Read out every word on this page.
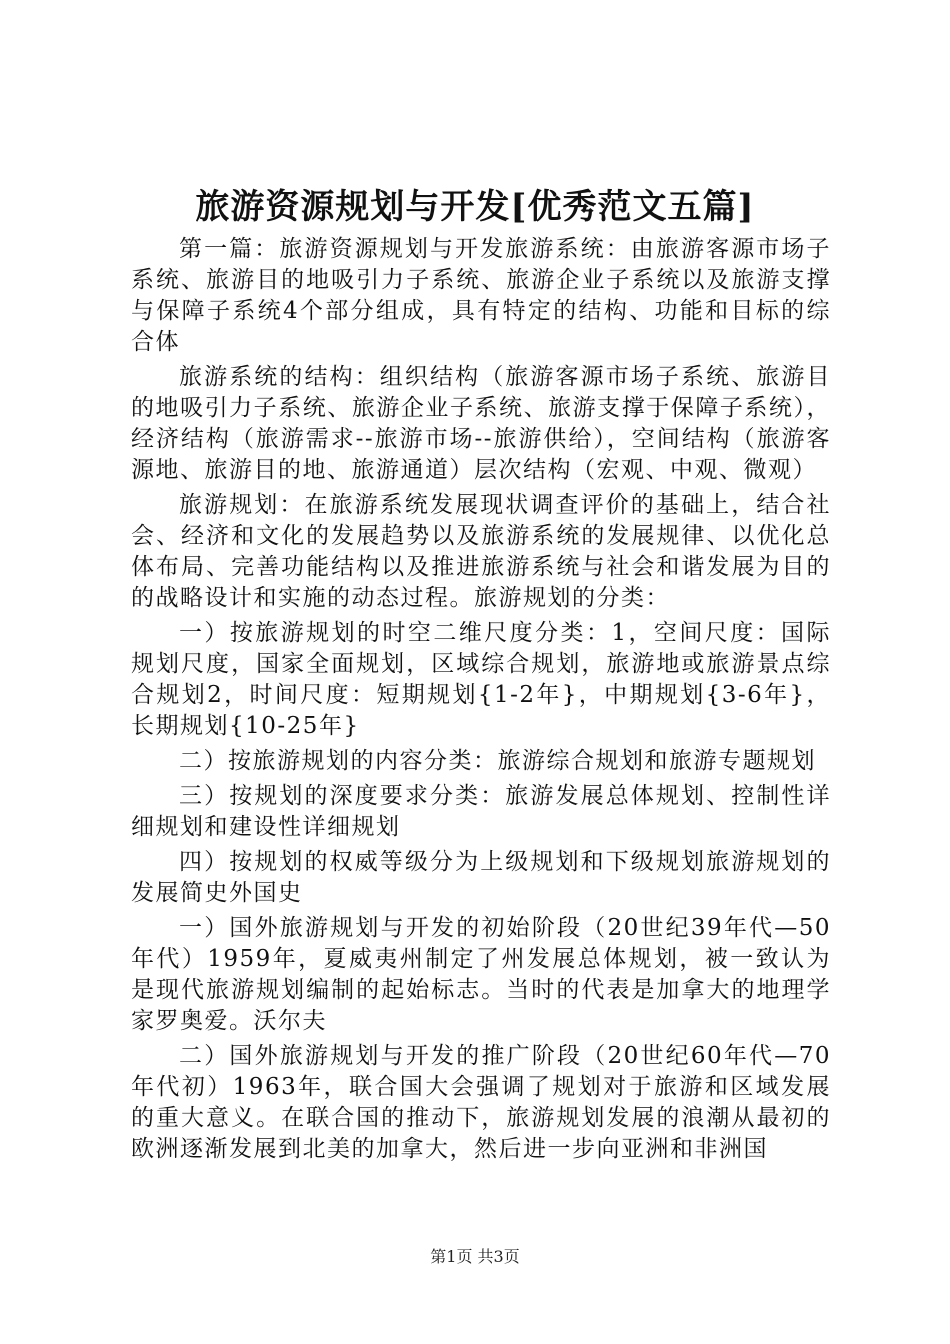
旅游资源规划与开发[优秀范文五篇]

第一篇：旅游资源规划与开发旅游系统：由旅游客源市场子系统、旅游目的地吸引力子系统、旅游企业子系统以及旅游支撑与保障子系统4个部分组成，具有特定的结构、功能和目标的综合体

旅游系统的结构：组织结构（旅游客源市场子系统、旅游目的地吸引力子系统、旅游企业子系统、旅游支撑于保障子系统），经济结构（旅游需求--旅游市场--旅游供给），空间结构（旅游客源地、旅游目的地、旅游通道）层次结构（宏观、中观、微观）

旅游规划：在旅游系统发展现状调查评价的基础上，结合社会、经济和文化的发展趋势以及旅游系统的发展规律、以优化总体布局、完善功能结构以及推进旅游系统与社会和谐发展为目的的战略设计和实施的动态过程。旅游规划的分类：

一）按旅游规划的时空二维尺度分类：1，空间尺度：国际规划尺度，国家全面规划，区域综合规划，旅游地或旅游景点综合规划2，时间尺度：短期规划{1-2年}，中期规划{3-6年}，长期规划{10-25年}

二）按旅游规划的内容分类：旅游综合规划和旅游专题规划

三）按规划的深度要求分类：旅游发展总体规划、控制性详细规划和建设性详细规划

四）按规划的权威等级分为上级规划和下级规划旅游规划的发展简史外国史

一）国外旅游规划与开发的初始阶段（20世纪39年代—50年代）1959年，夏威夷州制定了州发展总体规划，被一致认为是现代旅游规划编制的起始标志。当时的代表是加拿大的地理学家罗奥爱。沃尔夫

二）国外旅游规划与开发的推广阶段（20世纪60年代—70年代初）1963年，联合国大会强调了规划对于旅游和区域发展的重大意义。在联合国的推动下，旅游规划发展的浪潮从最初的欧洲逐渐发展到北美的加拿大，然后进一步向亚洲和非洲国

第1页 共3页
